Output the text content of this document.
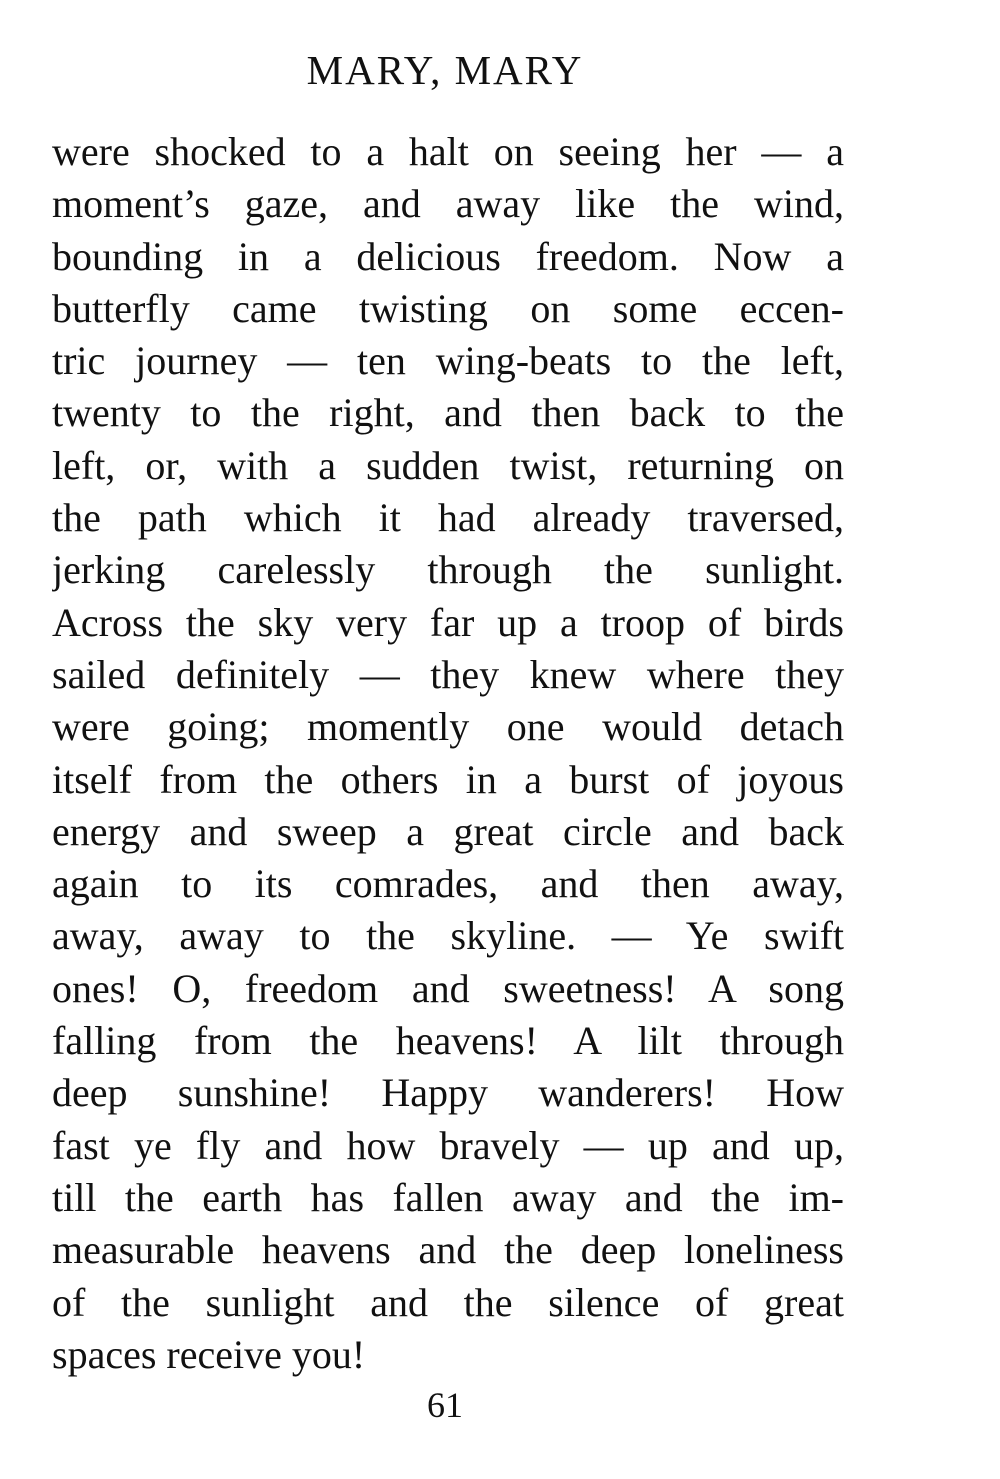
MARY, MARY
were shocked to a halt on seeing her — a
moment’s gaze, and away like the wind,
bounding in a delicious freedom. Now a
butterfly came twisting on some eccen-
tric journey — ten wing-beats to the left,
twenty to the right, and then back to the
left, or, with a sudden twist, returning on
the path which it had already traversed,
jerking carelessly through the sunlight.
Across the sky very far up a troop of birds
sailed definitely — they knew where they
were going; momently one would detach
itself from the others in a burst of joyous
energy and sweep a great circle and back
again to its comrades, and then away,
away, away to the skyline. — Ye swift
ones! O, freedom and sweetness! A song
falling from the heavens! A lilt through
deep sunshine! Happy wanderers! How
fast ye fly and how bravely — up and up,
till the earth has fallen away and the im-
measurable heavens and the deep loneliness
of the sunlight and the silence of great
spaces receive you!
61
